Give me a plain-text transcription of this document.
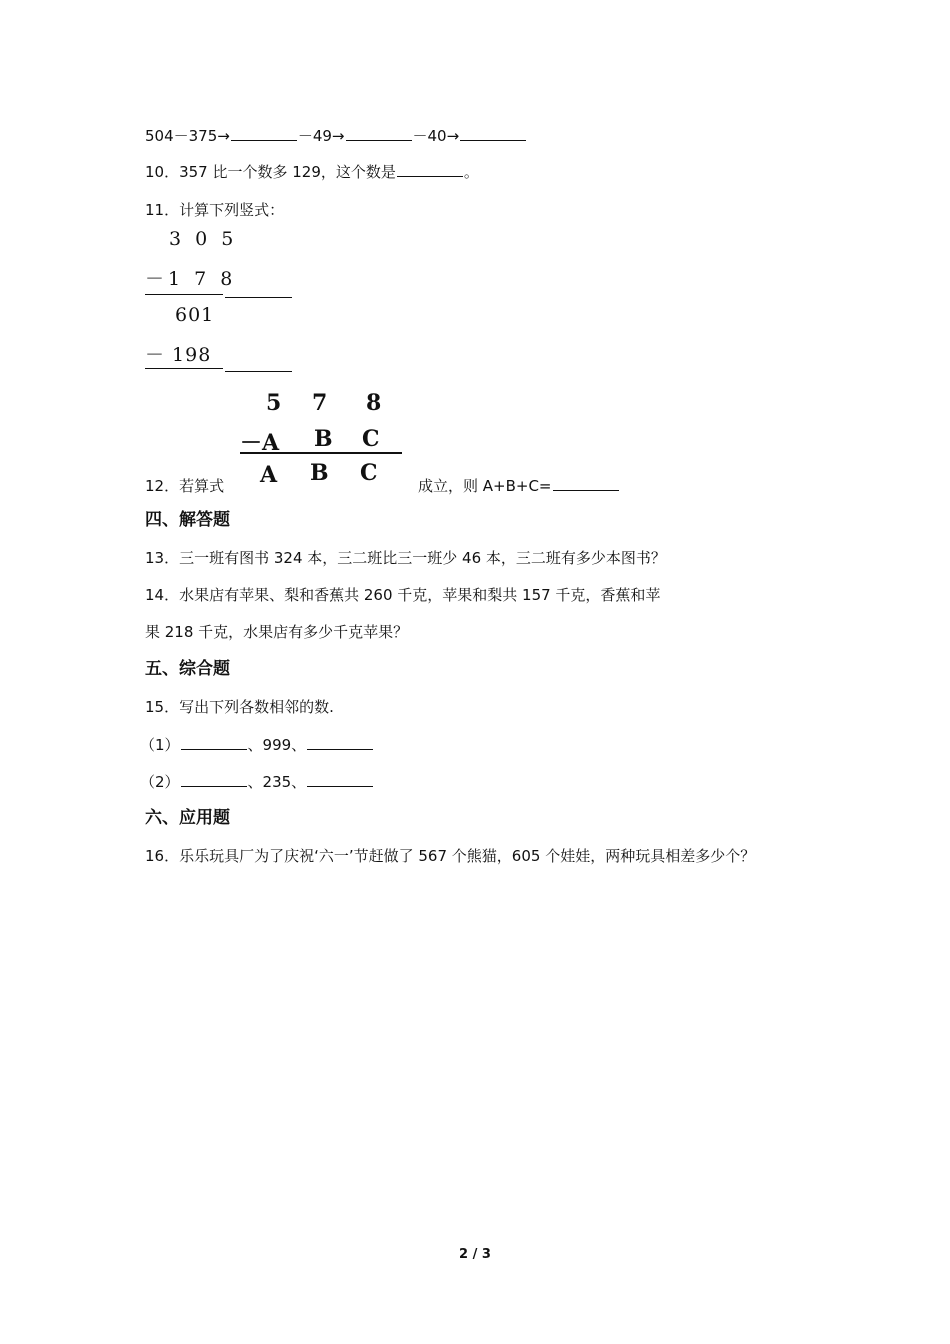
504－375→	－49→	－40→
10．357 比一个数多 129，这个数是	。
11．计算下列竖式：
3 0 5
－1 7 8
601
－ 198
5 7 8
－A B C
A B C
12．若算式	成立，则 A+B+C=
四、解答题
13．三一班有图书 324 本，三二班比三一班少 46 本，三二班有多少本图书？
14．水果店有苹果、梨和香蕉共 260 千克，苹果和梨共 157 千克，香蕉和苹
果 218 千克，水果店有多少千克苹果？
五、综合题
15．写出下列各数相邻的数.
（1）	、999、
（2）	、235、
六、应用题
16．乐乐玩具厂为了庆祝‘六一’节赶做了 567 个熊猫，605 个娃娃，两种玩具相差多少个？
2 / 3
